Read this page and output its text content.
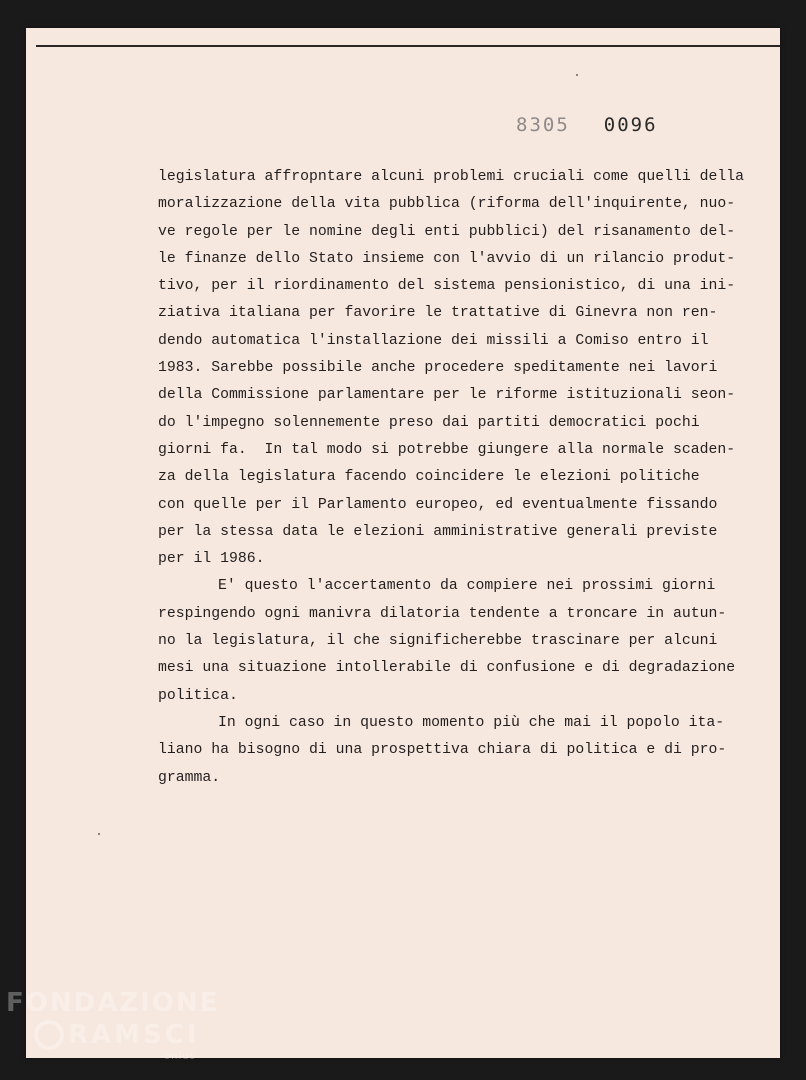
8305 0096
legislatura affropntare alcuni problemi cruciali come quelli della
moralizzazione della vita pubblica (riforma dell'inquirente, nuo-
ve regole per le nomine degli enti pubblici) del risanamento del-
le finanze dello Stato insieme con l'avvio di un rilancio produt-
tivo, per il riordinamento del sistema pensionistico, di una ini-
ziativa italiana per favorire le trattative di Ginevra non ren-
dendo automatica l'installazione dei missili a Comiso entro il
1983. Sarebbe possibile anche procedere speditamente nei lavori
della Commissione parlamentare per le riforme istituzionali seon-
do l'impegno solennemente preso dai partiti democratici pochi
giorni fa.  In tal modo si potrebbe giungere alla normale scaden-
za della legislatura facendo coincidere le elezioni politiche
con quelle per il Parlamento europeo, ed eventualmente fissando
per la stessa data le elezioni amministrative generali previste
per il 1986.
E' questo l'accertamento da compiere nei prossimi giorni
respingendo ogni manivra dilatoria tendente a troncare in autun-
no la legislatura, il che significherebbe trascinare per alcuni
mesi una situazione intollerabile di confusione e di degradazione
politica.
In ogni caso in questo momento più che mai il popolo ita-
liano ha bisogno di una prospettiva chiara di politica e di pro-
gramma.
FONDAZIONE
RAMSCI
onlus
